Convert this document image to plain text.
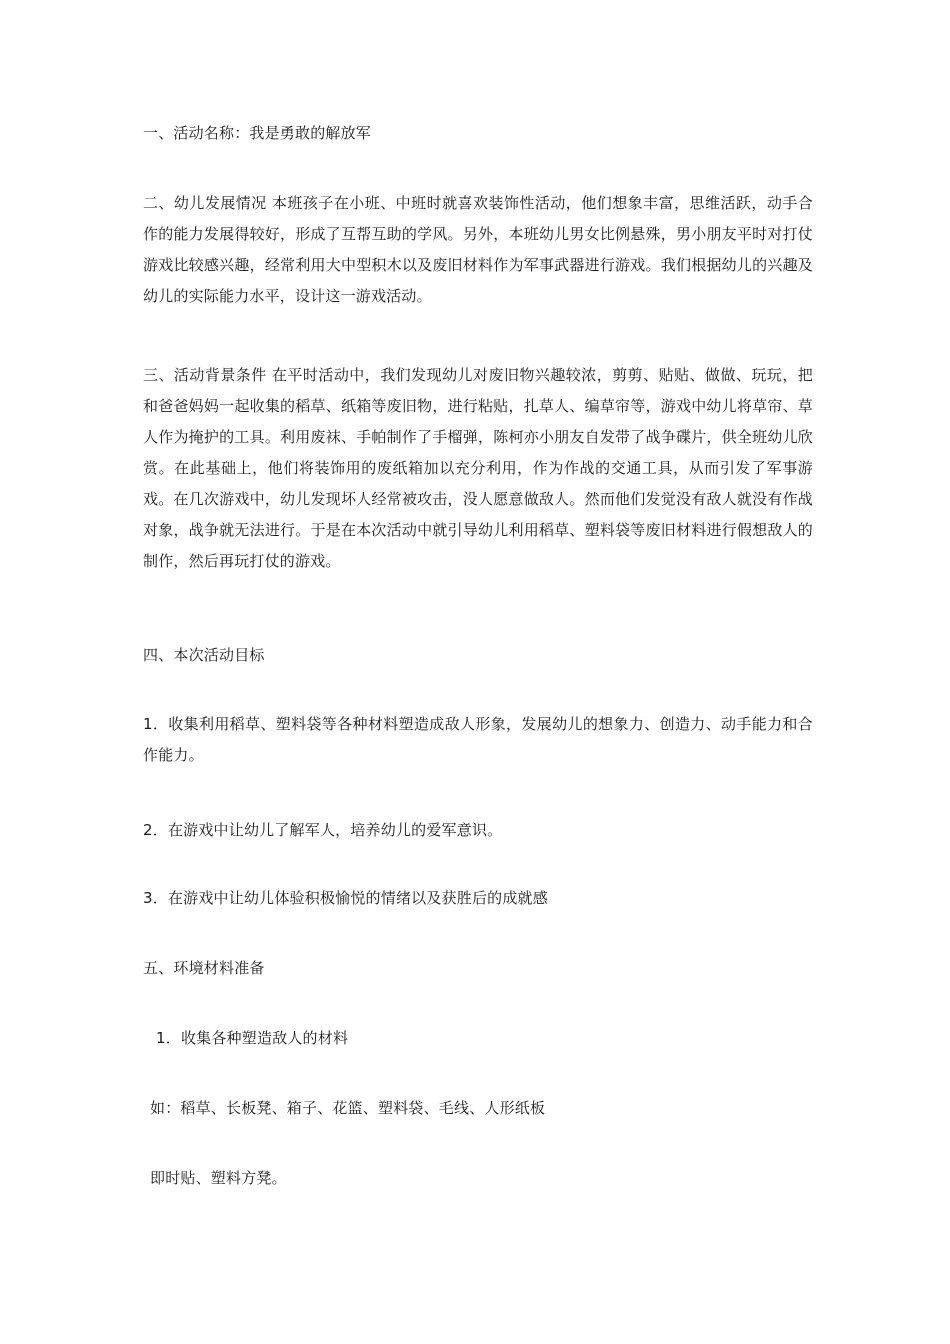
一、活动名称：我是勇敢的解放军

二、幼儿发展情况 本班孩子在小班、中班时就喜欢装饰性活动，他们想象丰富，思维活跃，动手合作的能力发展得较好，形成了互帮互助的学风。另外，本班幼儿男女比例悬殊，男小朋友平时对打仗游戏比较感兴趣，经常利用大中型积木以及废旧材料作为军事武器进行游戏。我们根据幼儿的兴趣及幼儿的实际能力水平，设计这一游戏活动。

三、活动背景条件 在平时活动中，我们发现幼儿对废旧物兴趣较浓，剪剪、贴贴、做做、玩玩，把和爸爸妈妈一起收集的稻草、纸箱等废旧物，进行粘贴，扎草人、编草帘等，游戏中幼儿将草帘、草人作为掩护的工具。利用废袜、手帕制作了手榴弹，陈柯亦小朋友自发带了战争碟片，供全班幼儿欣赏。在此基础上，他们将装饰用的废纸箱加以充分利用，作为作战的交通工具，从而引发了军事游戏。在几次游戏中，幼儿发现坏人经常被攻击，没人愿意做敌人。然而他们发觉没有敌人就没有作战对象，战争就无法进行。于是在本次活动中就引导幼儿利用稻草、塑料袋等废旧材料进行假想敌人的制作，然后再玩打仗的游戏。

四、本次活动目标

1．收集利用稻草、塑料袋等各种材料塑造成敌人形象，发展幼儿的想象力、创造力、动手能力和合作能力。

2．在游戏中让幼儿了解军人，培养幼儿的爱军意识。

3．在游戏中让幼儿体验积极愉悦的情绪以及获胜后的成就感

五、环境材料准备

1．收集各种塑造敌人的材料

如：稻草、长板凳、箱子、花篮、塑料袋、毛线、人形纸板

即时贴、塑料方凳。
